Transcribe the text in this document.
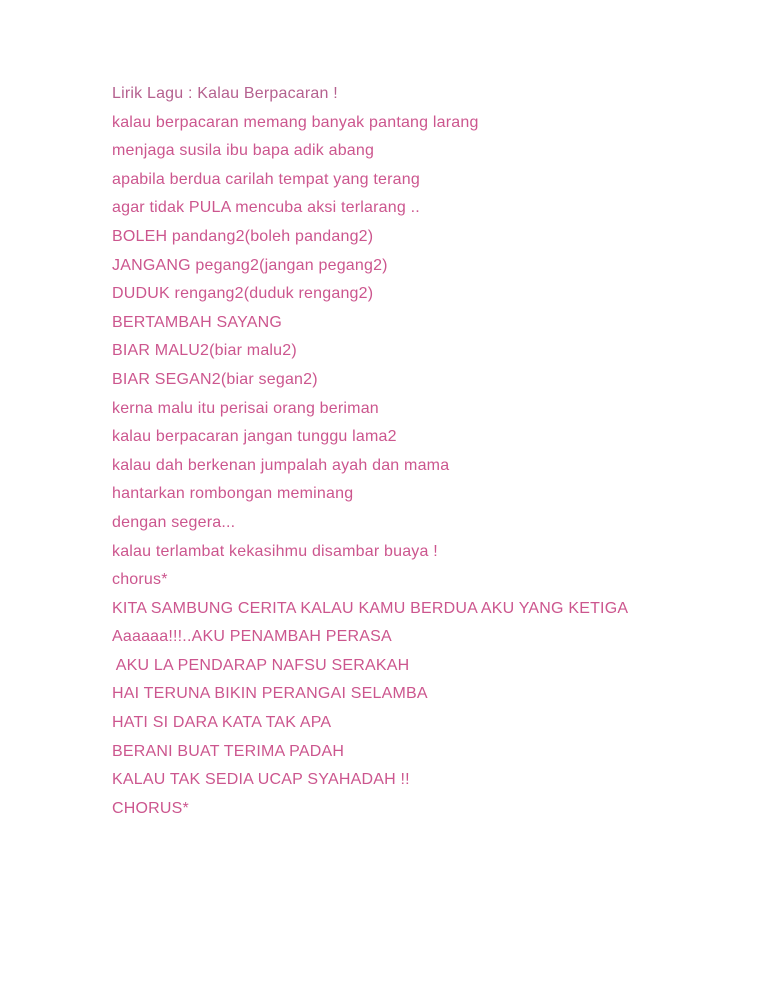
Lirik Lagu : Kalau Berpacaran !
kalau berpacaran memang banyak pantang larang
menjaga susila ibu bapa adik abang
apabila berdua carilah tempat yang terang
agar tidak PULA mencuba aksi terlarang ..
BOLEH pandang2(boleh pandang2)
JANGANG pegang2(jangan pegang2)
DUDUK rengang2(duduk rengang2)
BERTAMBAH SAYANG
BIAR MALU2(biar malu2)
BIAR SEGAN2(biar segan2)
kerna malu itu perisai orang beriman
kalau berpacaran jangan tunggu lama2
kalau dah berkenan jumpalah ayah dan mama
hantarkan rombongan meminang
dengan segera...
kalau terlambat kekasihmu disambar buaya !
chorus*
KITA SAMBUNG CERITA KALAU KAMU BERDUA AKU YANG KETIGA
Aaaaaa!!!..AKU PENAMBAH PERASA
AKU LA PENDARAP NAFSU SERAKAH
HAI TERUNA BIKIN PERANGAI SELAMBA
HATI SI DARA KATA TAK APA
BERANI BUAT TERIMA PADAH
KALAU TAK SEDIA UCAP SYAHADAH !!
CHORUS*
